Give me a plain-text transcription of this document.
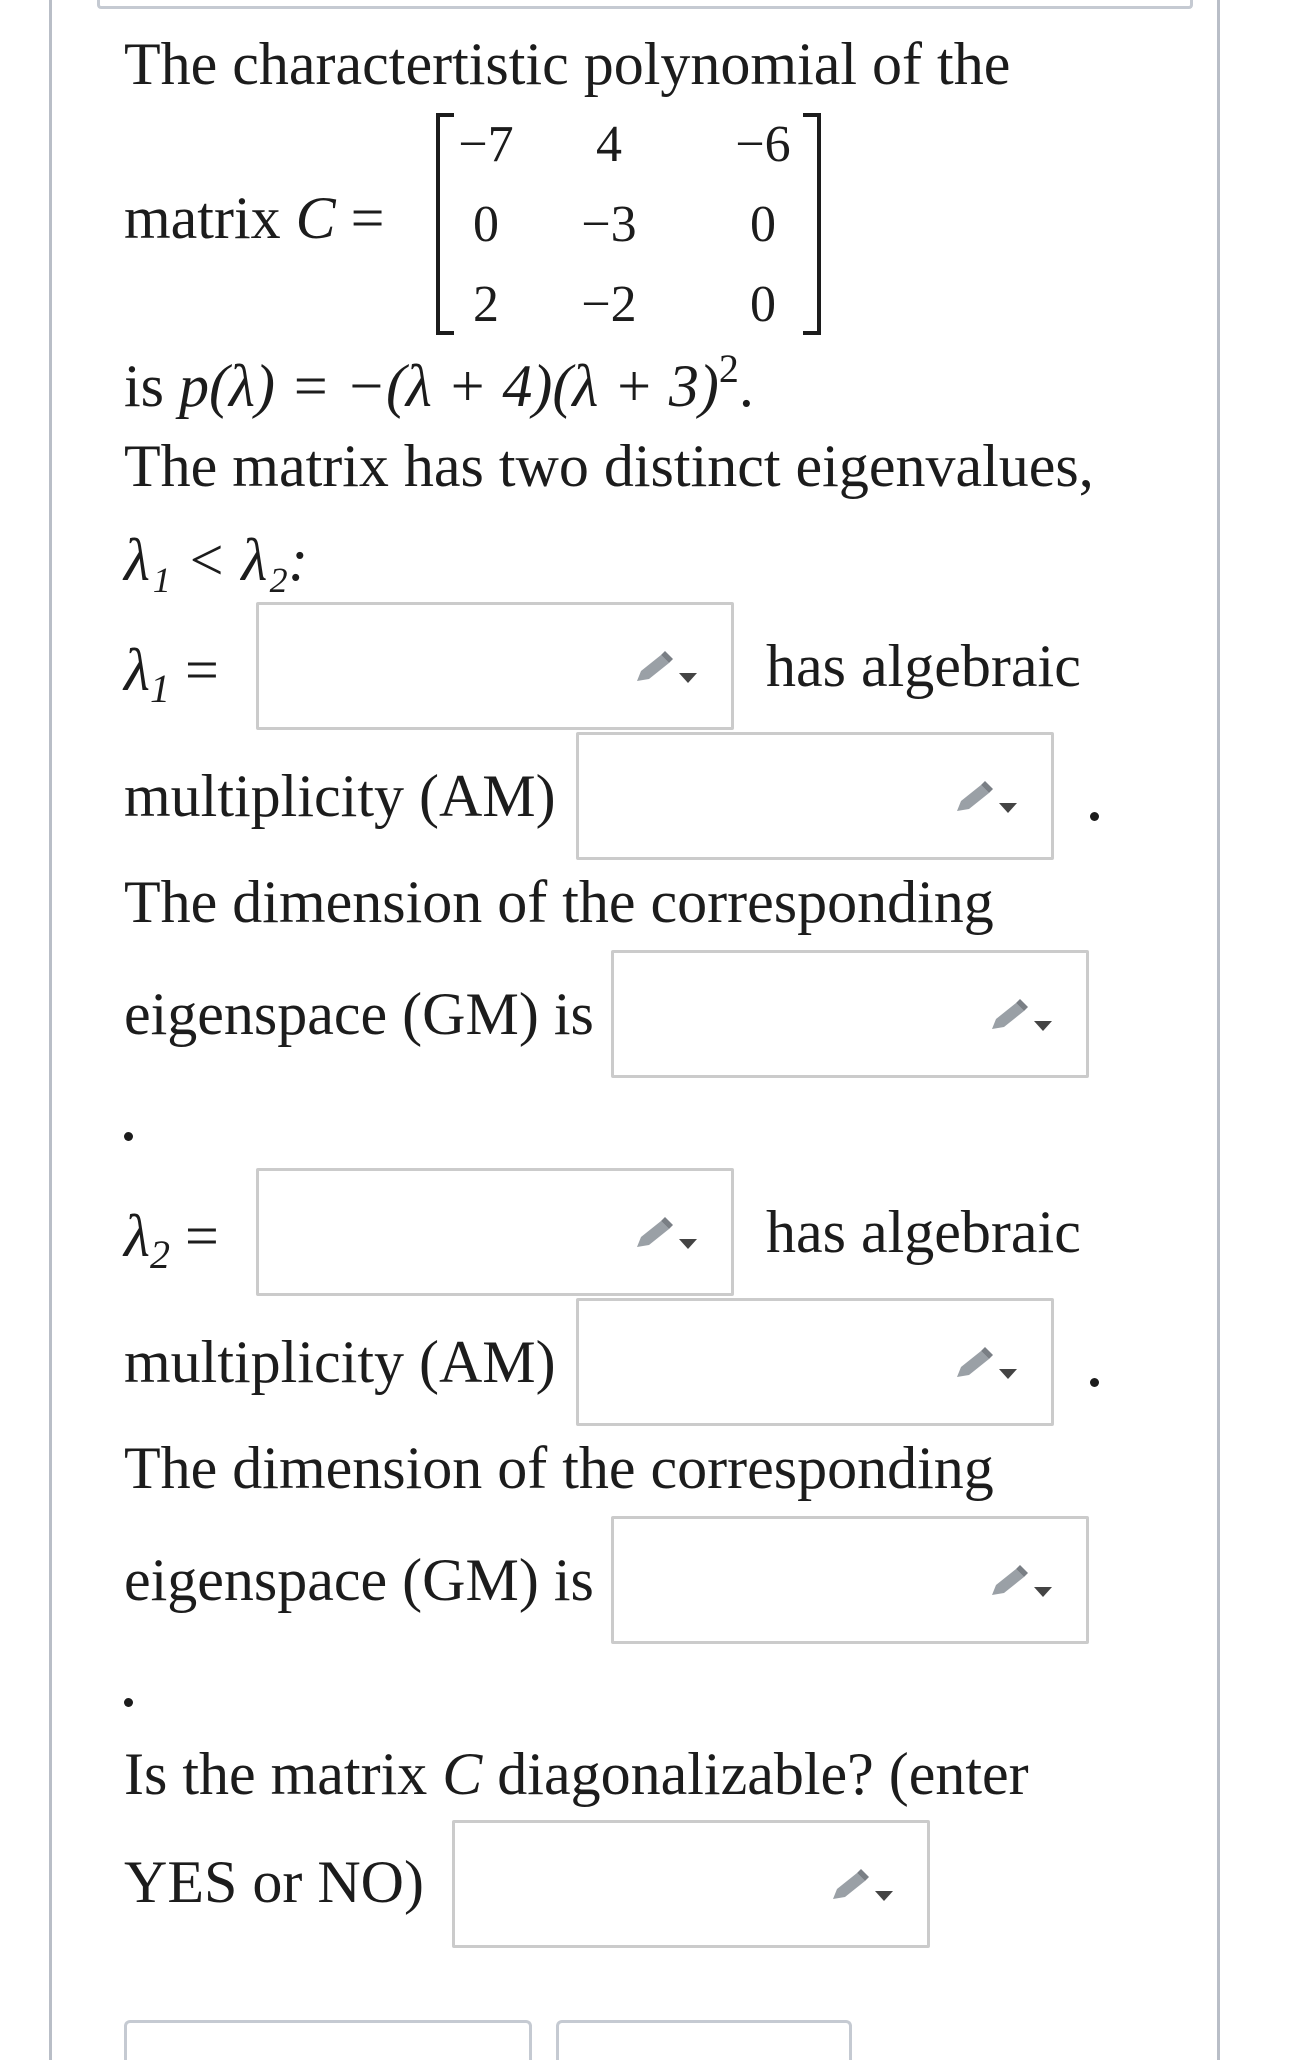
The charactertistic polynomial of the
matrix C =
−7	4	−6
0	−3	0
2	−2	0
is $p(\lambda) = -(\lambda + 4)(\lambda + 3)^2$.
The matrix has two distinct eigenvalues,
λ₁ < λ₂:
$\lambda_1$ =	has algebraic
multiplicity (AM)
The dimension of the corresponding
eigenspace (GM) is
$\lambda_2$ =	has algebraic
multiplicity (AM)
The dimension of the corresponding
eigenspace (GM) is
Is the matrix C diagonalizable? (enter
YES or NO)
